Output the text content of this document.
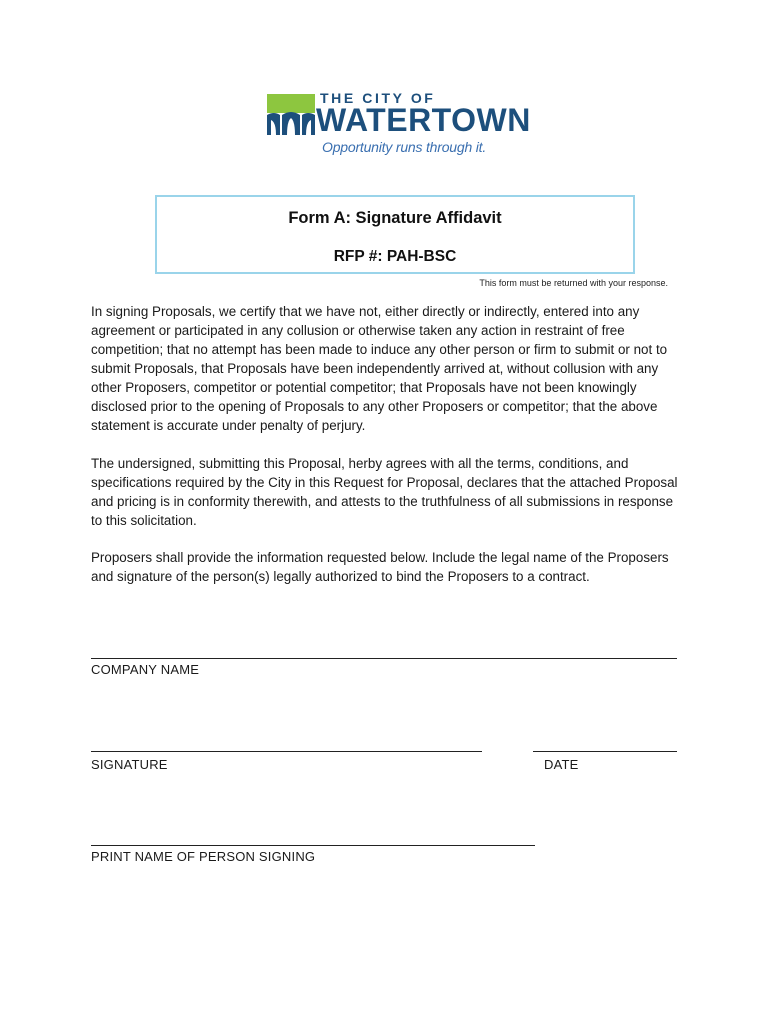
THE CITY OF
WATERTOWN
Opportunity runs through it.
Form A: Signature Affidavit
RFP #: PAH-BSC
This form must be returned with your response.

In signing Proposals, we certify that we have not, either directly or indirectly, entered into any agreement or participated in any collusion or otherwise taken any action in restraint of free competition; that no attempt has been made to induce any other person or firm to submit or not to submit Proposals, that Proposals have been independently arrived at, without collusion with any other Proposers, competitor or potential competitor; that Proposals have not been knowingly disclosed prior to the opening of Proposals to any other Proposers or competitor; that the above statement is accurate under penalty of perjury.

The undersigned, submitting this Proposal, herby agrees with all the terms, conditions, and specifications required by the City in this Request for Proposal, declares that the attached Proposal and pricing is in conformity therewith, and attests to the truthfulness of all submissions in response to this solicitation.

Proposers shall provide the information requested below. Include the legal name of the Proposers and signature of the person(s) legally authorized to bind the Proposers to a contract.

COMPANY NAME
SIGNATURE	DATE
PRINT NAME OF PERSON SIGNING
